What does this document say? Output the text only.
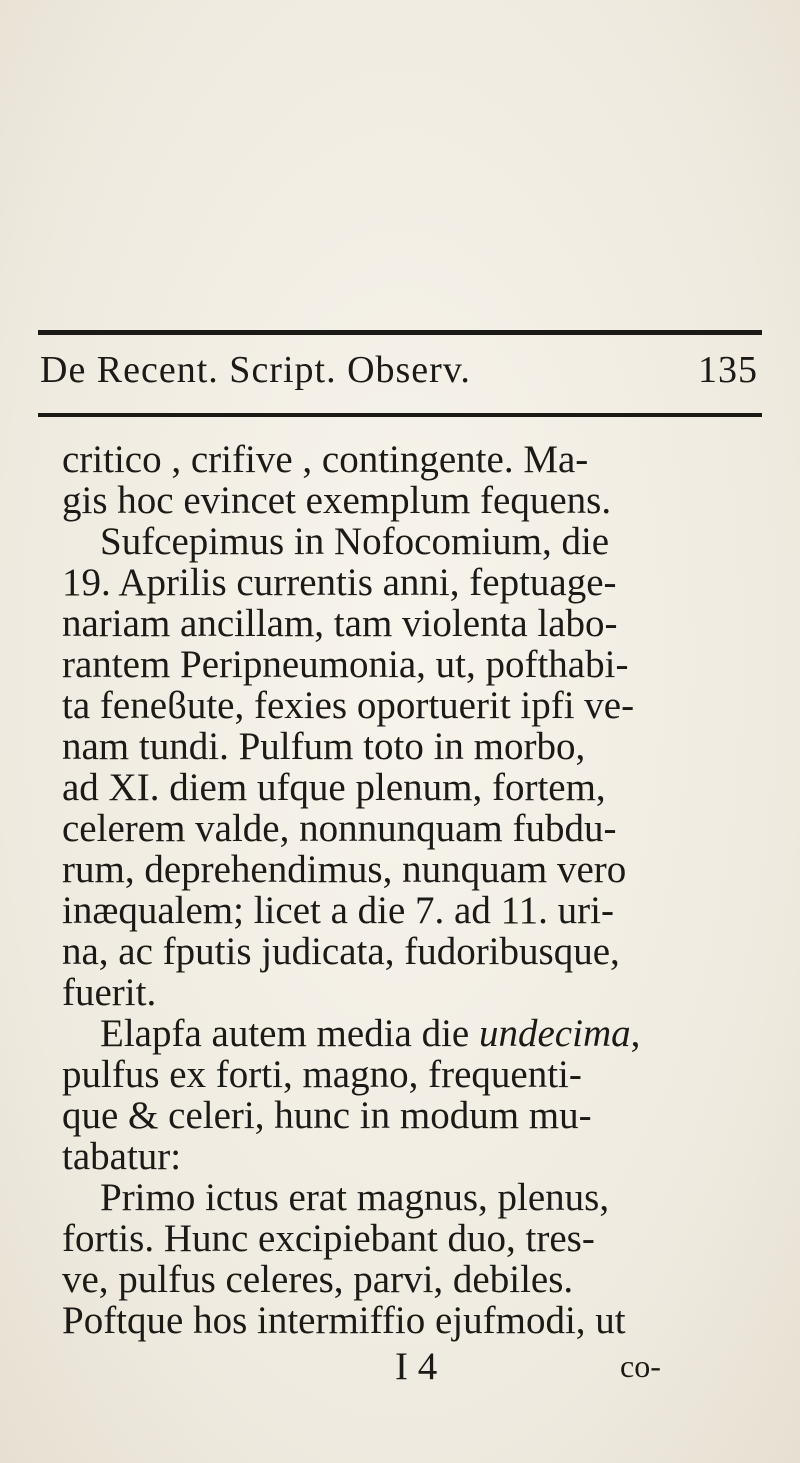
De Recent. Script. Observ.	135
critico , crifive , contingente. Ma-
gis hoc evincet exemplum fequens.
Sufcepimus in Nofocomium, die
19. Aprilis currentis anni, feptuage-
nariam ancillam, tam violenta labo-
rantem Peripneumonia, ut, pofthabi-
ta feneϐute, fexies oportuerit ipfi ve-
nam tundi. Pulfum toto in morbo,
ad XI. diem ufque plenum, fortem,
celerem valde, nonnunquam fubdu-
rum, deprehendimus, nunquam vero
inæqualem; licet a die 7. ad 11. uri-
na, ac fputis judicata, fudoribusque,
fuerit.
Elapfa autem media die undecima,
pulfus ex forti, magno, frequenti-
que & celeri, hunc in modum mu-
tabatur:
Primo ictus erat magnus, plenus,
fortis. Hunc excipiebant duo, tres-
ve, pulfus celeres, parvi, debiles.
Poftque hos intermiffio ejufmodi, ut
I 4	co-
